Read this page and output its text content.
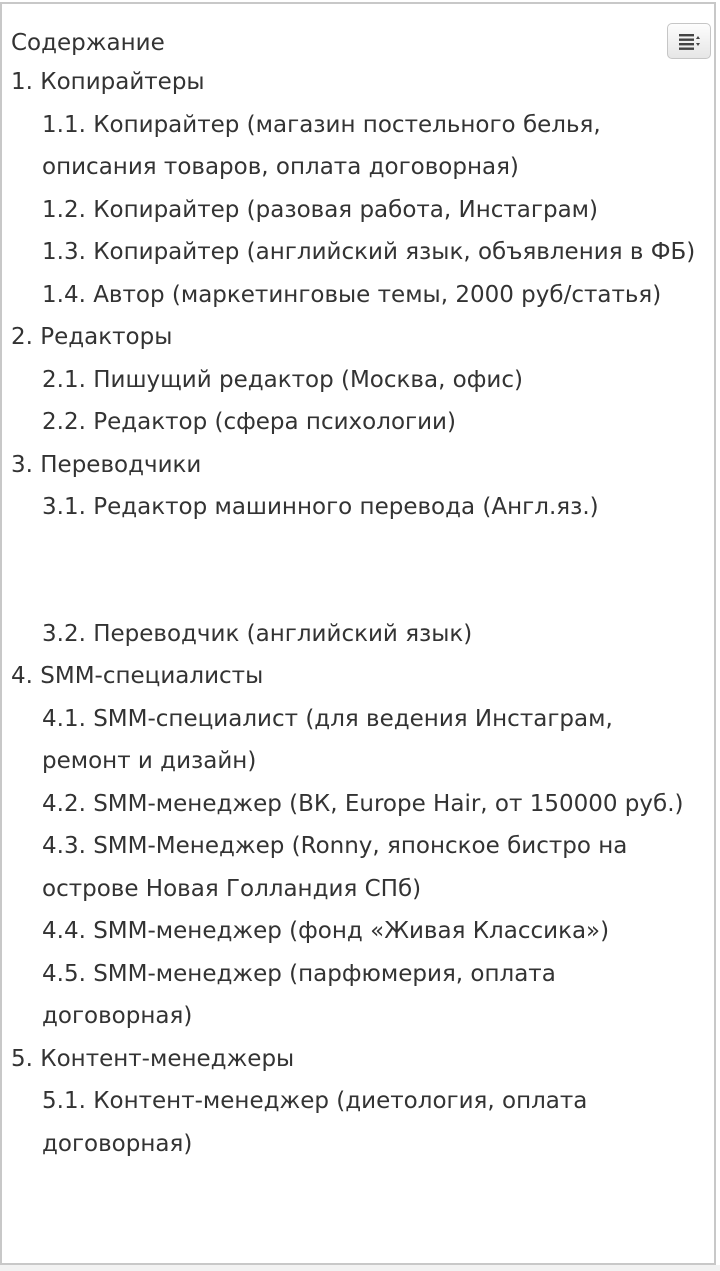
Содержание
1. Копирайтеры
1.1. Копирайтер (магазин постельного белья, описания товаров, оплата договорная)
1.2. Копирайтер (разовая работа, Инстаграм)
1.3. Копирайтер (английский язык, объявления в ФБ)
1.4. Автор (маркетинговые темы, 2000 руб/статья)
2. Редакторы
2.1. Пишущий редактор (Москва, офис)
2.2. Редактор (сфера психологии)
3. Переводчики
3.1. Редактор машинного перевода (Англ.яз.)
3.2. Переводчик (английский язык)
4. SMM-специалисты
4.1. SMM-специалист (для ведения Инстаграм, ремонт и дизайн)
4.2. SMM-менеджер (ВК, Europe Hair, от 150000 руб.)
4.3. SMM-Менеджер (Ronny, японское бистро на острове Новая Голландия СПб)
4.4. SMM-менеджер (фонд «Живая Классика»)
4.5. SMM-менеджер (парфюмерия, оплата договорная)
5. Контент-менеджеры
5.1. Контент-менеджер (диетология, оплата договорная)
